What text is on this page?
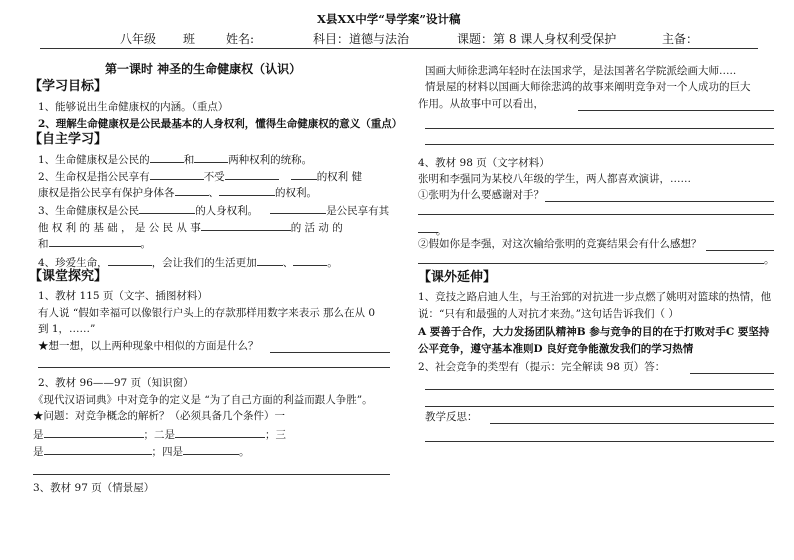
X县XX中学“导学案”设计稿
八年级 班	姓名:	科目：道德与法治	课题：第 8 课人身权利受保护	主备：
第一课时 神圣的生命健康权（认识）
【学习目标】
1、能够说出生命健康权的内涵。（重点）
2、理解生命健康权是公民最基本的人身权利，懂得生命健康权的意义（重点）
【自主学习】
1、生命健康权是公民的	和	两种权利的统称。
2、生命权是指公民享有	不受	的权利 健
康权是指公民享有保护身体各	、	的权利。
3、生命健康权是公民	的人身权利。	是公民享有其
他 权 利 的 基 础 ， 是 公 民 从 事	的 活 动 的
和	。
4、珍爱生命，	，会让我们的生活更加 、	。
【课堂探究】
1、教材 115 页（文字、插图材料）
有人说 “假如幸福可以像银行户头上的存款那样用数字来表示 那么在从 0
到 1，……”
★想一想，以上两种现象中相似的方面是什么？
2、教材 96——97 页（知识窗）
《现代汉语词典》中对竞争的定义是 “为了自己方面的利益而跟人争胜”。
★问题：对竞争概念的解析？（必须具备几个条件）一
是	；二是	；三
是	；四是	。
3、教材 97 页（情景屋）
国画大师徐悲鸿年轻时在法国求学，是法国著名学院派绘画大师…..
情景屋的材料以国画大师徐悲鸿的故事来阐明竞争对一个人成功的巨大
作用。从故事中可以看出，
4、教材 98 页（文字材料）
张明和李强同为某校八年级的学生，两人都喜欢演讲，……
①张明为什么要感谢对手？
。
②假如你是李强，对这次输给张明的竞赛结果会有什么感想？
。
【课外延伸】
1、竞技之路启迪人生，与王治郅的对抗进一步点燃了姚明对篮球的热情，他
说：“只有和最强的人对抗才来劲。”这句话告诉我们（ ）
A 要善于合作，大力发扬团队精神B 参与竞争的目的在于打败对手C 要坚持
公平竞争，遵守基本准则D 良好竞争能激发我们的学习热情
2、社会竞争的类型有（提示：完全解读 98 页）答：
教学反思：
